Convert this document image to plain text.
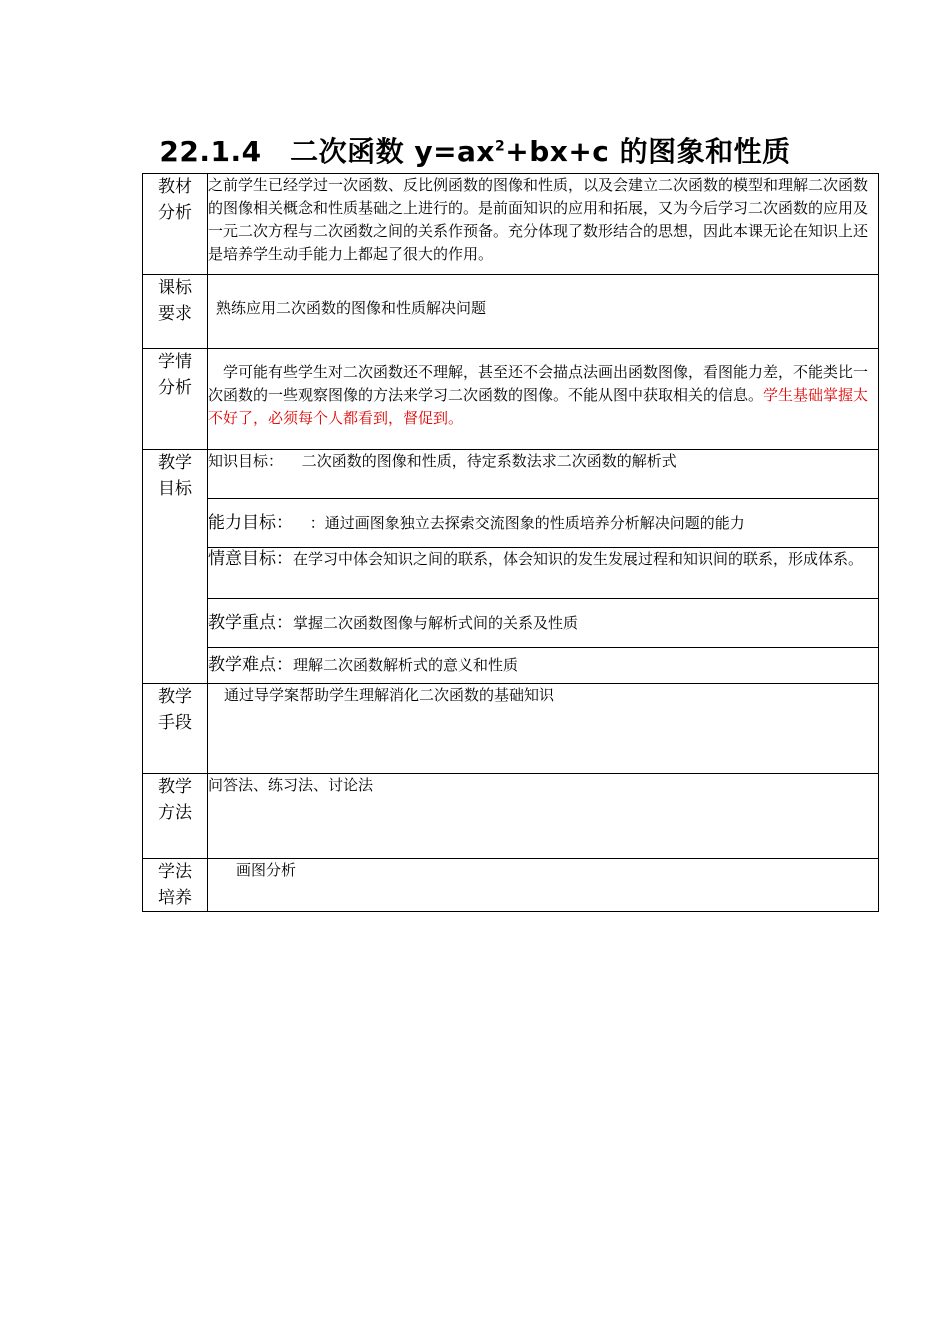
22.1.4　二次函数 $y=ax^2+bx+c$ 的图象和性质
教材
分析	之前学生已经学过一次函数、反比例函数的图像和性质，以及会建立二次函数的模型和理解二次函数的图像相关概念和性质基础之上进行的。是前面知识的应用和拓展，又为今后学习二次函数的应用及一元二次方程与二次函数之间的关系作预备。充分体现了数形结合的思想，因此本课无论在知识上还是培养学生动手能力上都起了很大的作用。

课标
要求	熟练应用二次函数的图像和性质解决问题

学情
分析	　学可能有些学生对二次函数还不理解，甚至还不会描点法画出函数图像，看图能力差，不能类比一次函数的一些观察图像的方法来学习二次函数的图像。不能从图中获取相关的信息。学生基础掌握太不好了，必须每个人都看到，督促到。

教学
目标	知识目标： 二次函数的图像和性质，待定系数法求二次函数的解析式
	能力目标： ：通过画图象独立去探索交流图象的性质培养分析解决问题的能力
	情意目标：在学习中体会知识之间的联系，体会知识的发生发展过程和知识间的联系，形成体系。
	教学重点：掌握二次函数图像与解析式间的关系及性质
	教学难点：理解二次函数解析式的意义和性质

教学
手段	通过导学案帮助学生理解消化二次函数的基础知识

教学
方法	问答法、练习法、讨论法

学法
培养	画图分析
